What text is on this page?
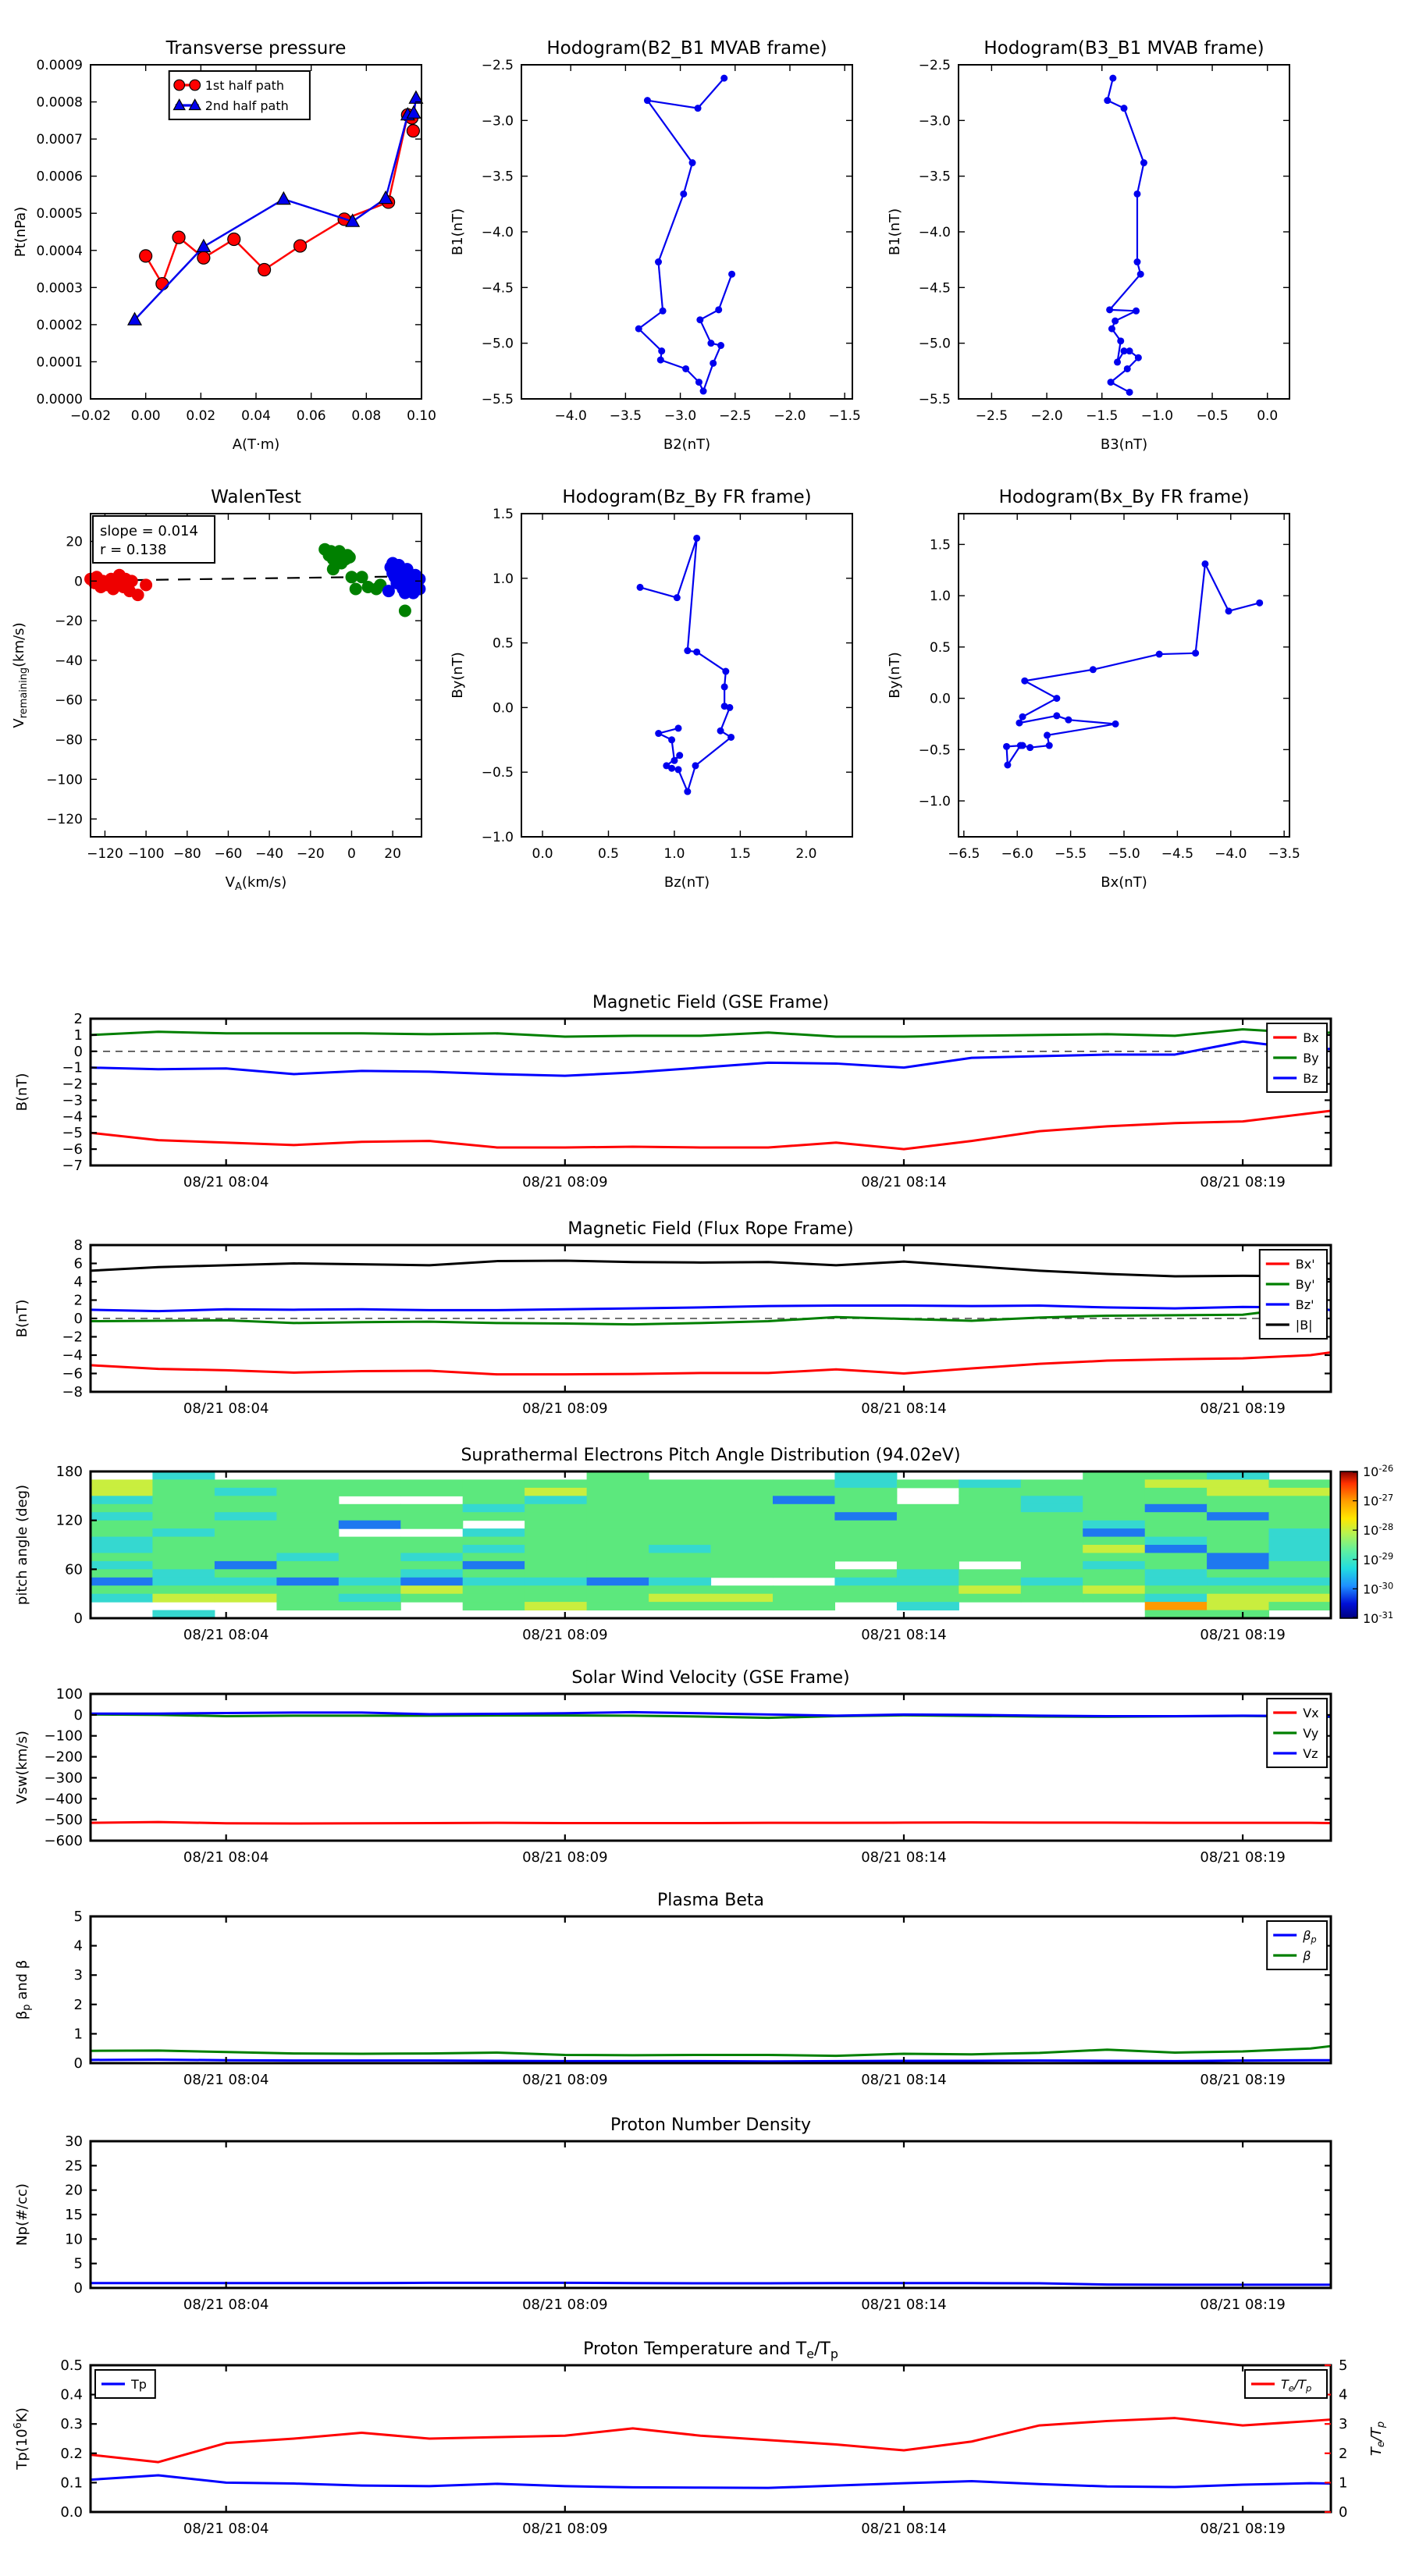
−0.02 0.00 0.02 0.04 0.06 0.08 0.10
0.0000
0.0001
0.0002
0.0003
0.0004
0.0005
0.0006
0.0007
0.0008
0.0009
Transverse pressure
A(T·m)
Pt(nPa)
1st half path
2nd half path
−4.0 −3.5 −3.0 −2.5 −2.0 −1.5
−5.5
−5.0
−4.5
−4.0
−3.5
−3.0
−2.5
Hodogram(B2_B1 MVAB frame)
B2(nT)
B1(nT)
−2.5 −2.0 −1.5 −1.0 −0.5 0.0
−5.5
−5.0
−4.5
−4.0
−3.5
−3.0
−2.5
Hodogram(B3_B1 MVAB frame)
B3(nT)
B1(nT)
−120 −100 −80 −60 −40 −20 0 20
−120
−100
−80
−60
−40
−20
0
20
WalenTest
$V_A(km/s)$
$V_{remaining}(km/s)$
slope = 0.014
r = 0.138
0.0	0.5	1.0	1.5	2.0
−1.0
−0.5
0.0
0.5
1.0
1.5
Hodogram(Bz_By FR frame)
Bz(nT)
By(nT)
−6.5 −6.0 −5.5 −5.0 −4.5 −4.0 −3.5
−1.0
−0.5
0.0
0.5
1.0
1.5
Hodogram(Bx_By FR frame)
Bx(nT)
By(nT)
08/21 08:04	08/21 08:09	08/21 08:14	08/21 08:19
−7
−6
−5
−4
−3
−2
−1
0
1
2
Magnetic Field (GSE Frame)
B(nT)
Bx
By
Bz
08/21 08:04	08/21 08:09	08/21 08:14	08/21 08:19
−8
−6
−4
−2
0
2
4
6
8
Magnetic Field (Flux Rope Frame)
B(nT)
Bx'
By'
Bz'
|B|
08/21 08:04	08/21 08:09	08/21 08:14	08/21 08:19
0
60
120
180
Suprathermal Electrons Pitch Angle Distribution (94.02eV)
pitch angle (deg)
$10^{-26}$
$10^{-27}$
$10^{-28}$
$10^{-29}$
$10^{-30}$
$10^{-31}$
08/21 08:04	08/21 08:09	08/21 08:14	08/21 08:19
−600
−500
−400
−300
−200
−100
0
100
Solar Wind Velocity (GSE Frame)
Vsw(km/s)
Vx
Vy
Vz
08/21 08:04	08/21 08:09	08/21 08:14	08/21 08:19
0
1
2
3
4
5
Plasma Beta
$\beta_p$ and β
$\beta_p$
β
08/21 08:04	08/21 08:09	08/21 08:14	08/21 08:19
0
5
10
15
20
25
30
Proton Number Density
Np(#/cc)
08/21 08:04	08/21 08:09	08/21 08:14	08/21 08:19
0.0
0.1
0.2
0.3
0.4
0.5
0
1
2
3
4
5
$T_e/T_p$
Proton Temperature and $T_e/T_p$
$Tp(10^6K)$
Tp	$T_e/T_p$
